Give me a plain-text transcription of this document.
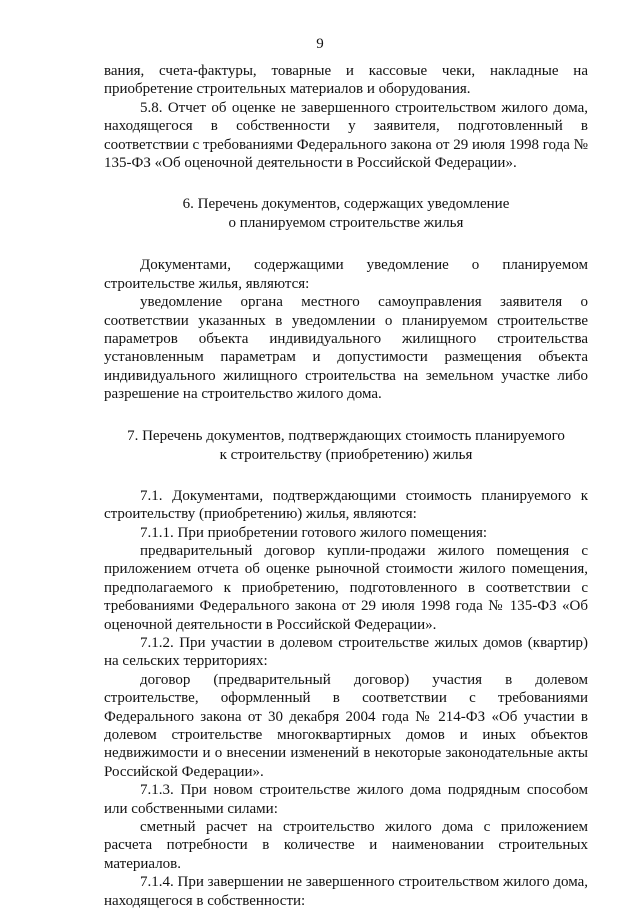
9

вания, счета-фактуры, товарные и кассовые чеки, накладные на приобретение строительных материалов и оборудования.

5.8. Отчет об оценке не завершенного строительством жилого дома, находящегося в собственности у заявителя, подготовленный в соответствии с требованиями Федерального закона от 29 июля 1998 года № 135-ФЗ «Об оценочной деятельности в Российской Федерации».

6. Перечень документов, содержащих уведомление
о планируемом строительстве жилья

Документами, содержащими уведомление о планируемом строительстве жилья, являются:

уведомление органа местного самоуправления заявителя о соответствии указанных в уведомлении о планируемом строительстве параметров объекта индивидуального жилищного строительства установленным параметрам и допустимости размещения объекта индивидуального жилищного строительства на земельном участке либо разрешение на строительство жилого дома.

7. Перечень документов, подтверждающих стоимость планируемого
к строительству (приобретению) жилья

7.1. Документами, подтверждающими стоимость планируемого к строительству (приобретению) жилья, являются:

7.1.1. При приобретении готового жилого помещения:

предварительный договор купли-продажи жилого помещения с приложением отчета об оценке рыночной стоимости жилого помещения, предполагаемого к приобретению, подготовленного в соответствии с требованиями Федерального закона от 29 июля 1998 года № 135-ФЗ «Об оценочной деятельности в Российской Федерации».

7.1.2. При участии в долевом строительстве жилых домов (квартир) на сельских территориях:

договор (предварительный договор) участия в долевом строительстве, оформленный в соответствии с требованиями Федерального закона от 30 декабря 2004 года № 214-ФЗ «Об участии в долевом строительстве многоквартирных домов и иных объектов недвижимости и о внесении изменений в некоторые законодательные акты Российской Федерации».

7.1.3. При новом строительстве жилого дома подрядным способом или собственными силами:

сметный расчет на строительство жилого дома с приложением расчета потребности в количестве и наименовании строительных материалов.

7.1.4. При завершении не завершенного строительством жилого дома, находящегося в собственности:
